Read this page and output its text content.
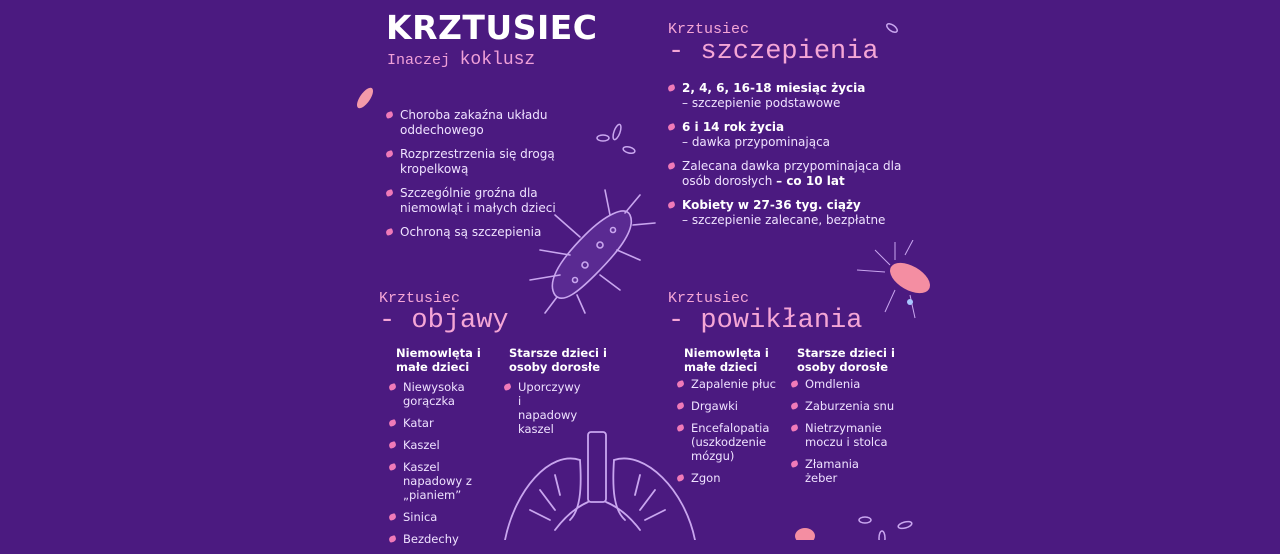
KRZTUSIEC
Inaczej koklusz
Choroba zakaźna układu oddechowego
Rozprzestrzenia się drogą kropelkową
Szczególnie groźna dla niemowląt i małych dzieci
Ochroną są szczepienia
Krztusiec
- szczepienia
2, 4, 6, 16-18 miesiąc życia
– szczepienie podstawowe
6 i 14 rok życia
– dawka przypominająca
Zalecana dawka przypominająca dla osób dorosłych – co 10 lat
Kobiety w 27-36 tyg. ciąży
– szczepienie zalecane, bezpłatne
Krztusiec
- objawy
Niemowlęta i małe dzieci
Starsze dzieci i osoby dorosłe
Niewysoka gorączka
Katar
Kaszel
Kaszel napadowy z „pianiem”
Sinica
Bezdechy
Uporczywy i napadowy kaszel
Krztusiec
- powikłania
Niemowlęta i małe dzieci
Starsze dzieci i osoby dorosłe
Zapalenie płuc
Drgawki
Encefalopatia (uszkodzenie mózgu)
Zgon
Omdlenia
Zaburzenia snu
Nietrzymanie moczu i stolca
Złamania żeber
